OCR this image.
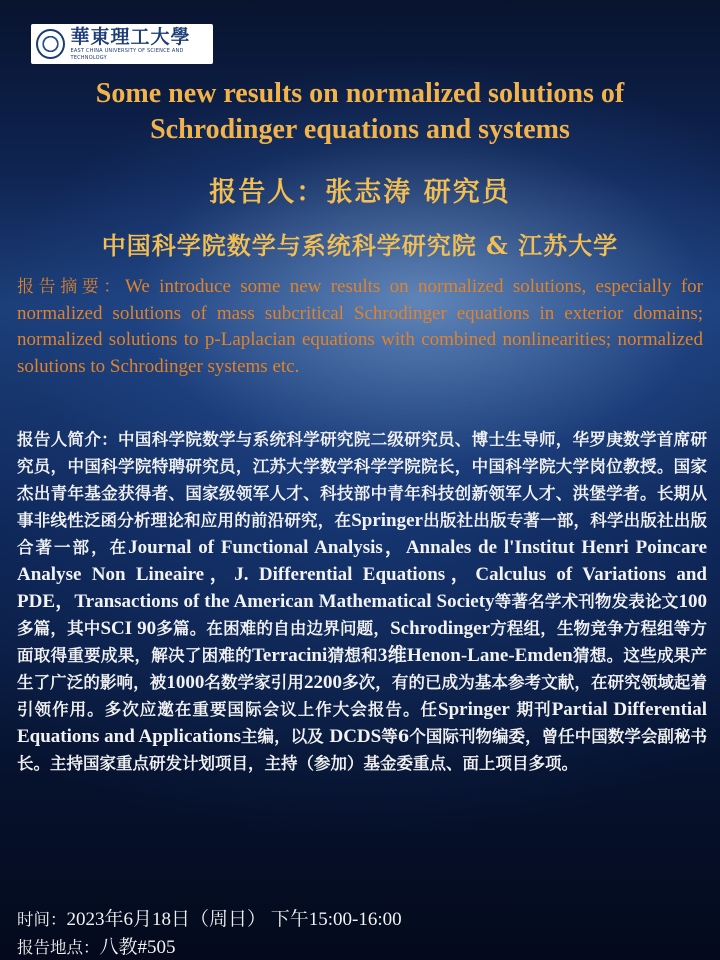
華東理工大學
EAST CHINA UNIVERSITY OF SCIENCE AND TECHNOLOGY
Some new results on normalized solutions of
Schrodinger equations and systems
报告人：张志涛 研究员
中国科学院数学与系统科学研究院 & 江苏大学
报告摘要：We introduce some new results on normalized solutions, especially for normalized solutions of mass subcritical Schrodinger equations in exterior domains; normalized solutions to p-Laplacian equations with combined nonlinearities; normalized solutions to Schrodinger systems etc.
报告人简介：中国科学院数学与系统科学研究院二级研究员、博士生导师，华罗庚数学首席研究员，中国科学院特聘研究员，江苏大学数学科学学院院长，中国科学院大学岗位教授。国家杰出青年基金获得者、国家级领军人才、科技部中青年科技创新领军人才、洪堡学者。长期从事非线性泛函分析理论和应用的前沿研究，在Springer出版社出版专著一部，科学出版社出版合著一部，在Journal of Functional Analysis，Annales de l'Institut Henri Poincare Analyse Non Lineaire，J. Differential Equations，Calculus of Variations and PDE，Transactions of the American Mathematical Society等著名学术刊物发表论文100多篇，其中SCI 90多篇。在困难的自由边界问题，Schrodinger方程组，生物竞争方程组等方面取得重要成果，解决了困难的Terracini猜想和3维Henon-Lane-Emden猜想。这些成果产生了广泛的影响，被1000名数学家引用2200多次，有的已成为基本参考文献，在研究领域起着引领作用。多次应邀在重要国际会议上作大会报告。任Springer 期刊Partial Differential Equations and Applications主编，以及 DCDS等6个国际刊物编委，曾任中国数学会副秘书长。主持国家重点研发计划项目，主持（参加）基金委重点、面上项目多项。
时间：2023年6月18日（周日） 下午15:00-16:00
报告地点：八教#505
